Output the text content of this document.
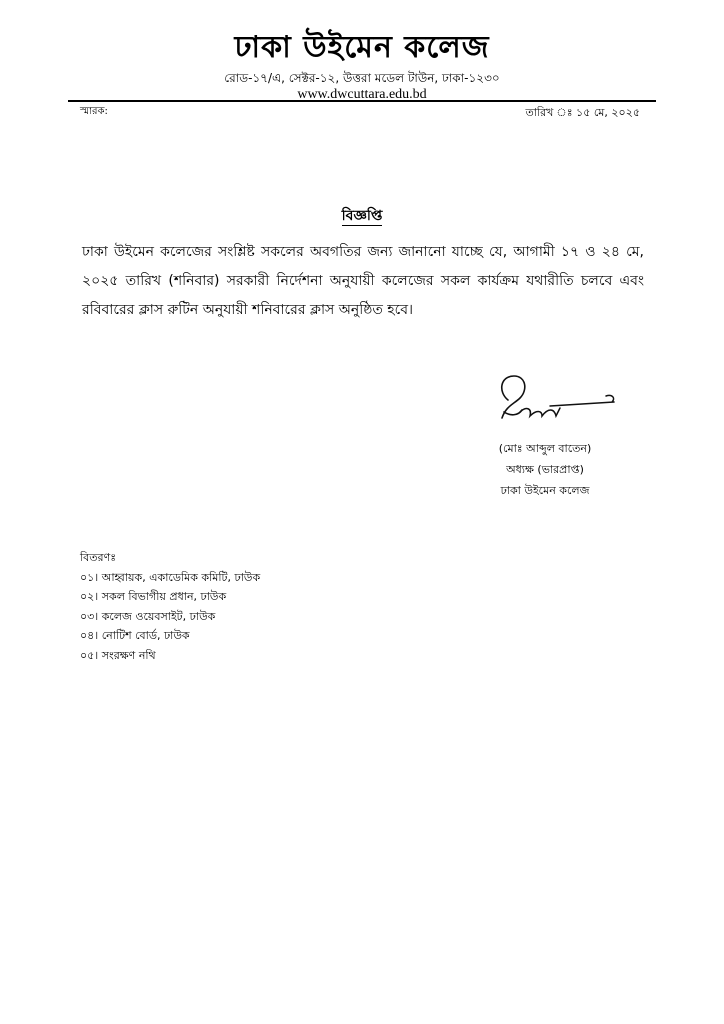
ঢাকা উইমেন কলেজ
রোড-১৭/এ, সেক্টর-১২, উত্তরা মডেল টাউন, ঢাকা-১২৩০
www.dwcuttara.edu.bd
স্মারক:	তারিখ ঃ ১৫ মে, ২০২৫
বিজ্ঞপ্তি
ঢাকা উইমেন কলেজের সংশ্লিষ্ট সকলের অবগতির জন্য জানানো যাচ্ছে যে, আগামী ১৭ ও ২৪ মে, ২০২৫ তারিখ (শনিবার) সরকারী নির্দেশনা অনুযায়ী কলেজের সকল কার্যক্রম যথারীতি চলবে এবং রবিবারের ক্লাস রুটিন অনুযায়ী শনিবারের ক্লাস অনুষ্ঠিত হবে।
(মোঃ আব্দুল বাতেন)
অধ্যক্ষ (ভারপ্রাপ্ত)
ঢাকা উইমেন কলেজ
বিতরণঃ
০১। আহ্বায়ক, একাডেমিক কমিটি, ঢাউক
০২। সকল বিভাগীয় প্রধান, ঢাউক
০৩। কলেজ ওয়েবসাইট, ঢাউক
০৪। নোটিশ বোর্ড, ঢাউক
০৫। সংরক্ষণ নথি
